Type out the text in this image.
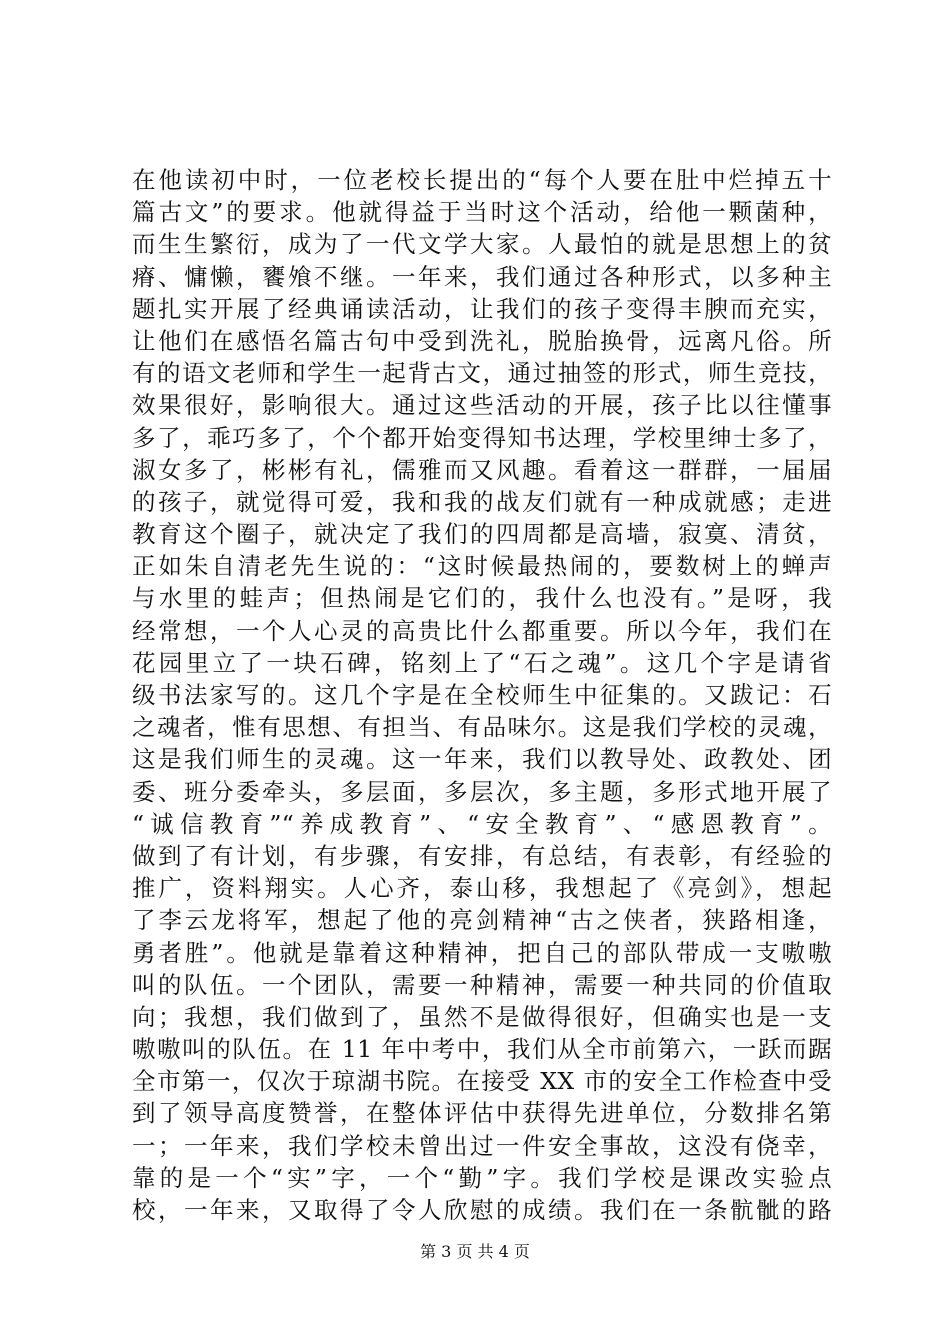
在他读初中时，一位老校长提出的“每个人要在肚中烂掉五十
篇古文”的要求。他就得益于当时这个活动，给他一颗菌种，
而生生繁衍，成为了一代文学大家。人最怕的就是思想上的贫
瘠、慵懒，饔飧不继。一年来，我们通过各种形式，以多种主
题扎实开展了经典诵读活动，让我们的孩子变得丰腴而充实，
让他们在感悟名篇古句中受到洗礼，脱胎换骨，远离凡俗。所
有的语文老师和学生一起背古文，通过抽签的形式，师生竞技，
效果很好，影响很大。通过这些活动的开展，孩子比以往懂事
多了，乖巧多了，个个都开始变得知书达理，学校里绅士多了，
淑女多了，彬彬有礼，儒雅而又风趣。看着这一群群，一届届
的孩子，就觉得可爱，我和我的战友们就有一种成就感；走进
教育这个圈子，就决定了我们的四周都是高墙，寂寞、清贫，
正如朱自清老先生说的：“这时候最热闹的，要数树上的蝉声
与水里的蛙声；但热闹是它们的，我什么也没有。”是呀，我
经常想，一个人心灵的高贵比什么都重要。所以今年，我们在
花园里立了一块石碑，铭刻上了“石之魂”。这几个字是请省
级书法家写的。这几个字是在全校师生中征集的。又跋记：石
之魂者，惟有思想、有担当、有品味尔。这是我们学校的灵魂，
这是我们师生的灵魂。这一年来，我们以教导处、政教处、团
委、班分委牵头，多层面，多层次，多主题，多形式地开展了
“诚信教育”“养成教育”、“安全教育”、“感恩教育”。
做到了有计划，有步骤，有安排，有总结，有表彰，有经验的
推广，资料翔实。人心齐，泰山移，我想起了《亮剑》，想起
了李云龙将军，想起了他的亮剑精神“古之侠者，狭路相逢，
勇者胜”。他就是靠着这种精神，把自己的部队带成一支嗷嗷
叫的队伍。一个团队，需要一种精神，需要一种共同的价值取
向；我想，我们做到了，虽然不是做得很好，但确实也是一支
嗷嗷叫的队伍。在 11 年中考中，我们从全市前第六，一跃而踞
全市第一，仅次于琼湖书院。在接受 XX 市的安全工作检查中受
到了领导高度赞誉，在整体评估中获得先进单位，分数排名第
一；一年来，我们学校未曾出过一件安全事故，这没有侥幸，
靠的是一个“实”字，一个“勤”字。我们学校是课改实验点
校，一年来，又取得了令人欣慰的成绩。我们在一条骯骴的路
第 3 页 共 4 页
